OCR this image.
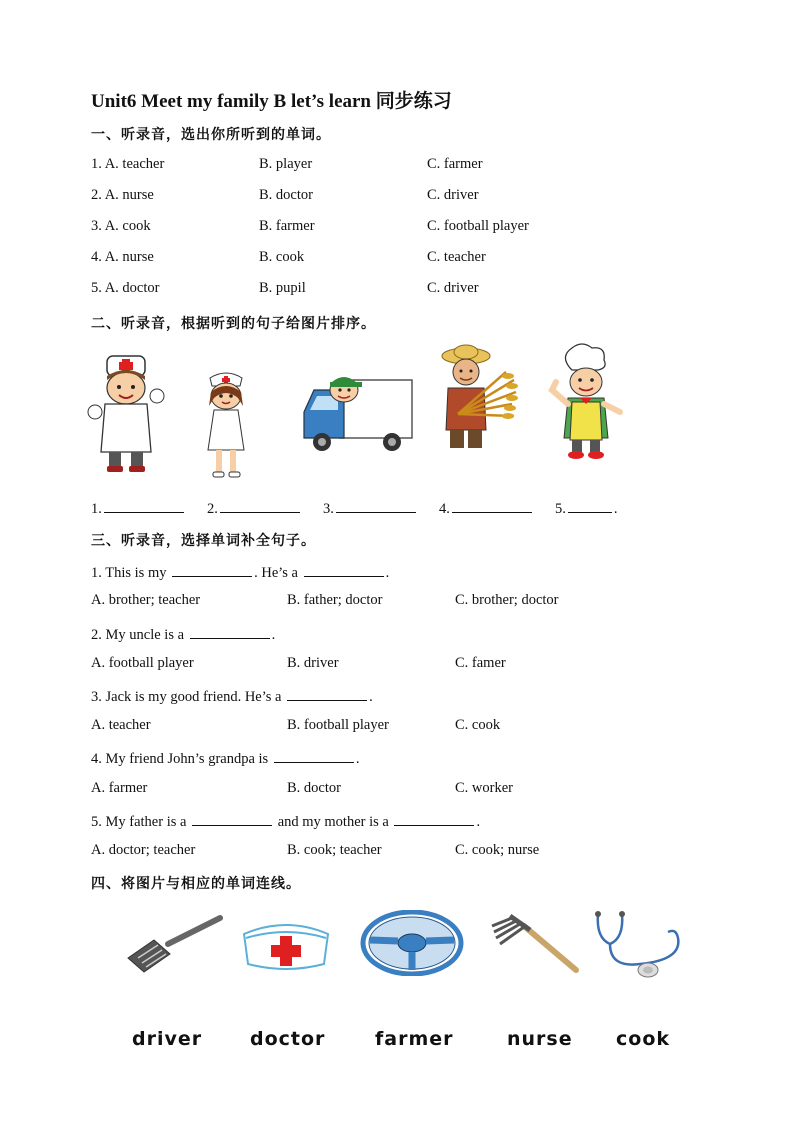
Unit6 Meet my family B let’s learn 同步练习
一、听录音，选出你所听到的单词。
1. A. teacher	B. player	C. farmer
2. A. nurse	B. doctor	C. driver
3. A. cook	B. farmer	C. football player
4. A. nurse	B. cook	C. teacher
5. A. doctor	B. pupil	C. driver
二、听录音，根据听到的句子给图片排序。
1.	2.	3.	4.	5.	.
三、听录音，选择单词补全句子。
1. This is my	. He’s a	.
A. brother; teacher	B. father; doctor	C. brother; doctor
2. My uncle is a	.
A. football player	B. driver	C. famer
3. Jack is my good friend. He’s a	.
A. teacher	B. football player	C. cook
4. My friend John’s grandpa is	.
A. farmer	B. doctor	C. worker
5. My father is a	and my mother is a	.
A. doctor; teacher	B. cook; teacher	C. cook; nurse
四、将图片与相应的单词连线。
driver	doctor	farmer	nurse cook
